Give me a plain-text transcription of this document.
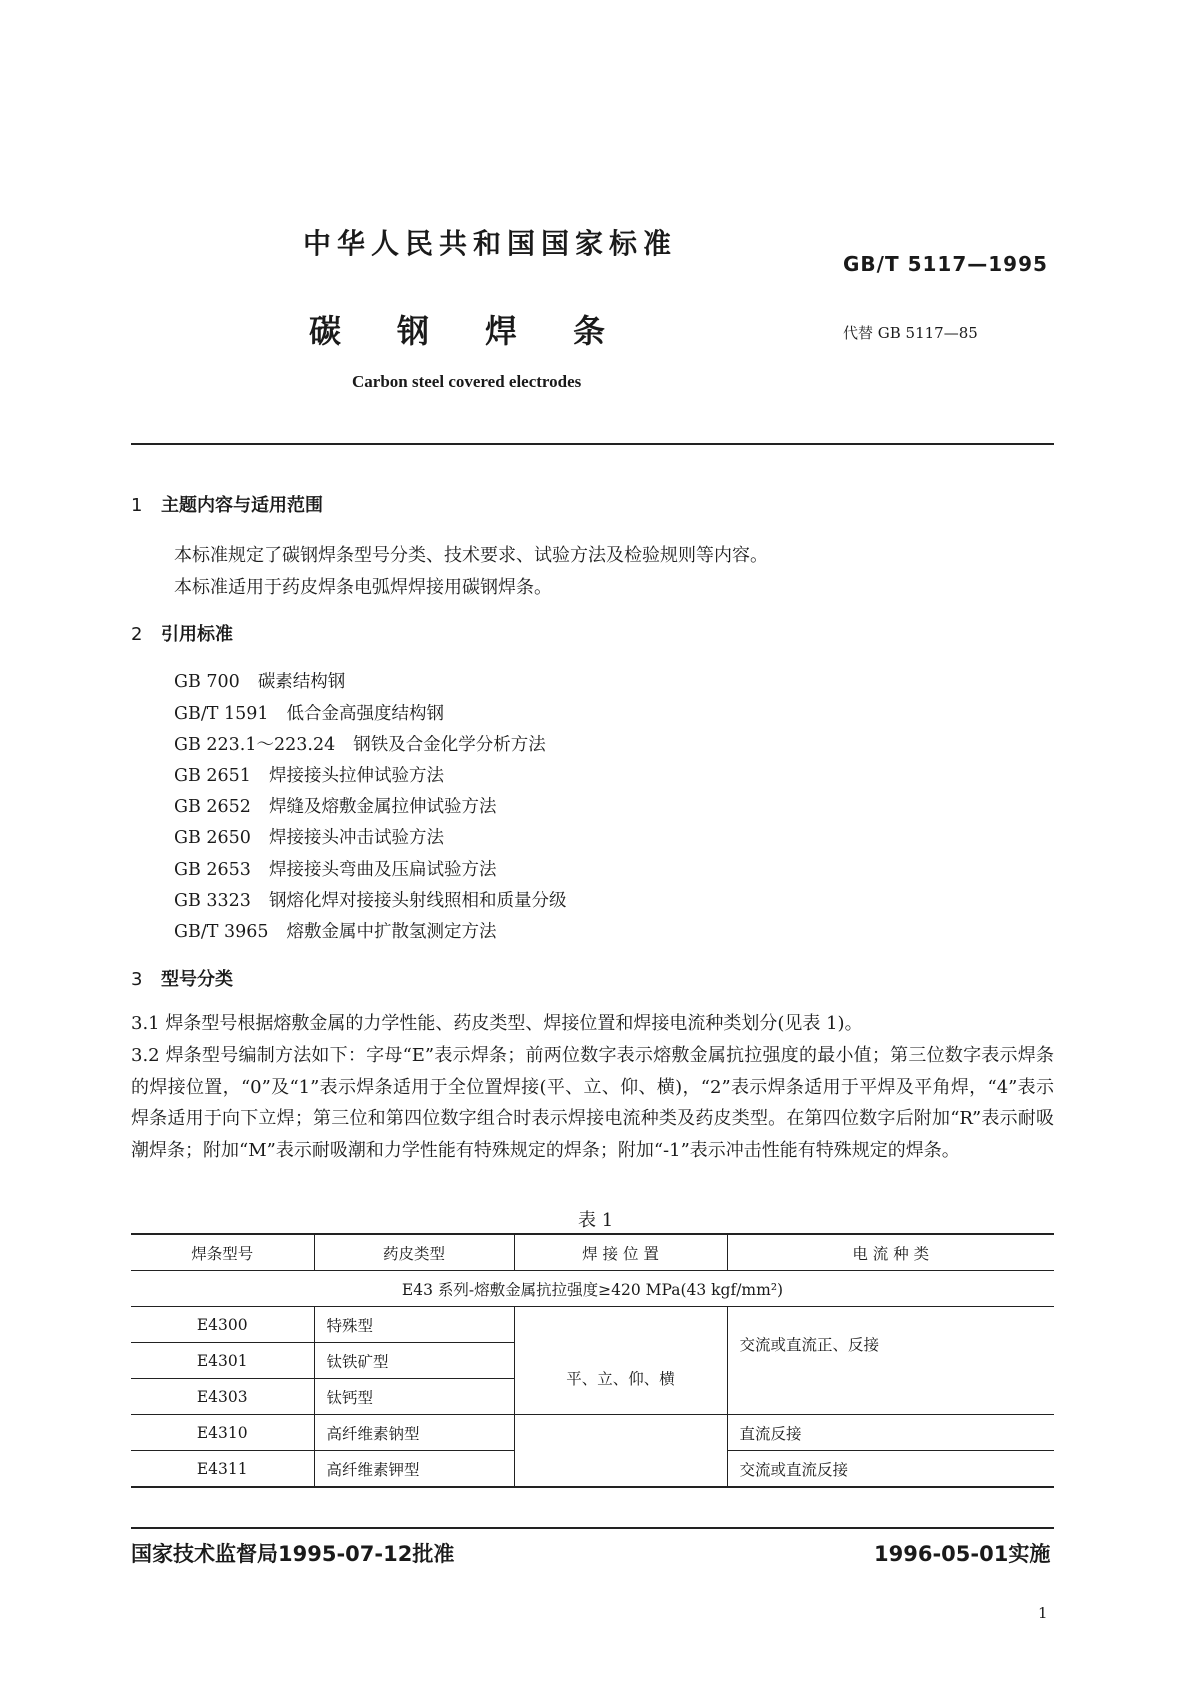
中华人民共和国国家标准
GB/T 5117—1995
碳 钢 焊 条	代替 GB 5117—85
Carbon steel covered electrodes
1 主题内容与适用范围
本标准规定了碳钢焊条型号分类、技术要求、试验方法及检验规则等内容。
本标准适用于药皮焊条电弧焊焊接用碳钢焊条。
2 引用标准
GB 700 碳素结构钢
GB/T 1591 低合金高强度结构钢
GB 223.1～223.24 钢铁及合金化学分析方法
GB 2651 焊接接头拉伸试验方法
GB 2652 焊缝及熔敷金属拉伸试验方法
GB 2650 焊接接头冲击试验方法
GB 2653 焊接接头弯曲及压扁试验方法
GB 3323 钢熔化焊对接接头射线照相和质量分级
GB/T 3965 熔敷金属中扩散氢测定方法
3 型号分类
3.1 焊条型号根据熔敷金属的力学性能、药皮类型、焊接位置和焊接电流种类划分(见表 1)。
3.2 焊条型号编制方法如下：字母“E”表示焊条；前两位数字表示熔敷金属抗拉强度的最小值；第三位数字表示焊条的焊接位置，“0”及“1”表示焊条适用于全位置焊接(平、立、仰、横)，“2”表示焊条适用于平焊及平角焊，“4”表示焊条适用于向下立焊；第三位和第四位数字组合时表示焊接电流种类及药皮类型。在第四位数字后附加“R”表示耐吸潮焊条；附加“M”表示耐吸潮和力学性能有特殊规定的焊条；附加“-1”表示冲击性能有特殊规定的焊条。
表 1
焊条型号	药皮类型	焊 接 位 置	电 流 种 类
E43 系列-熔敷金属抗拉强度≥420 MPa(43 kgf/mm²)			
E4300	特殊型	平、立、仰、横	交流或直流正、反接
E4301	钛铁矿型		
E4303	钛钙型		
E4310	高纤维素钠型		直流反接
E4311	高纤维素钾型		交流或直流反接
国家技术监督局1995-07-12批准	1996-05-01实施
1
